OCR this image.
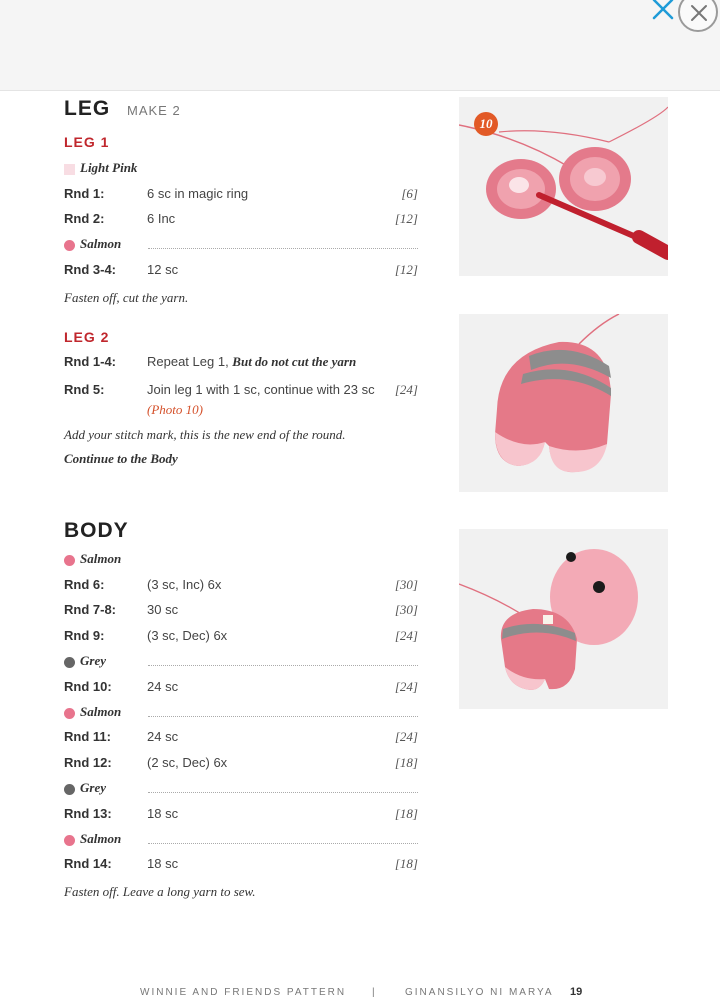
LEG MAKE 2
LEG 1
Light Pink
Rnd 1:	6 sc in magic ring	[6]
Rnd 2:	6 Inc	[12]
Salmon
Rnd 3-4: 12 sc	[12]
Fasten off, cut the yarn.
LEG 2
Rnd 1-4: Repeat Leg 1, But do not cut the yarn
Rnd 5:	Join leg 1 with 1 sc, continue with 23 sc [24]
(Photo 10)
Add your stitch mark, this is the new end of the round.
Continue to the Body
BODY
Salmon
Rnd 6:	(3 sc, Inc) 6x	[30]
Rnd 7-8: 30 sc	[30]
Rnd 9:	(3 sc, Dec) 6x	[24]
Grey
Rnd 10:	24 sc	[24]
Salmon
Rnd 11:	24 sc	[24]
Rnd 12:	(2 sc, Dec) 6x	[18]
Grey
Rnd 13:	18 sc	[18]
Salmon
Rnd 14:	18 sc	[18]
Fasten off. Leave a long yarn to sew.
10
WINNIE AND FRIENDS PATTERN	|	GINANSILYO NI MARYA 19
